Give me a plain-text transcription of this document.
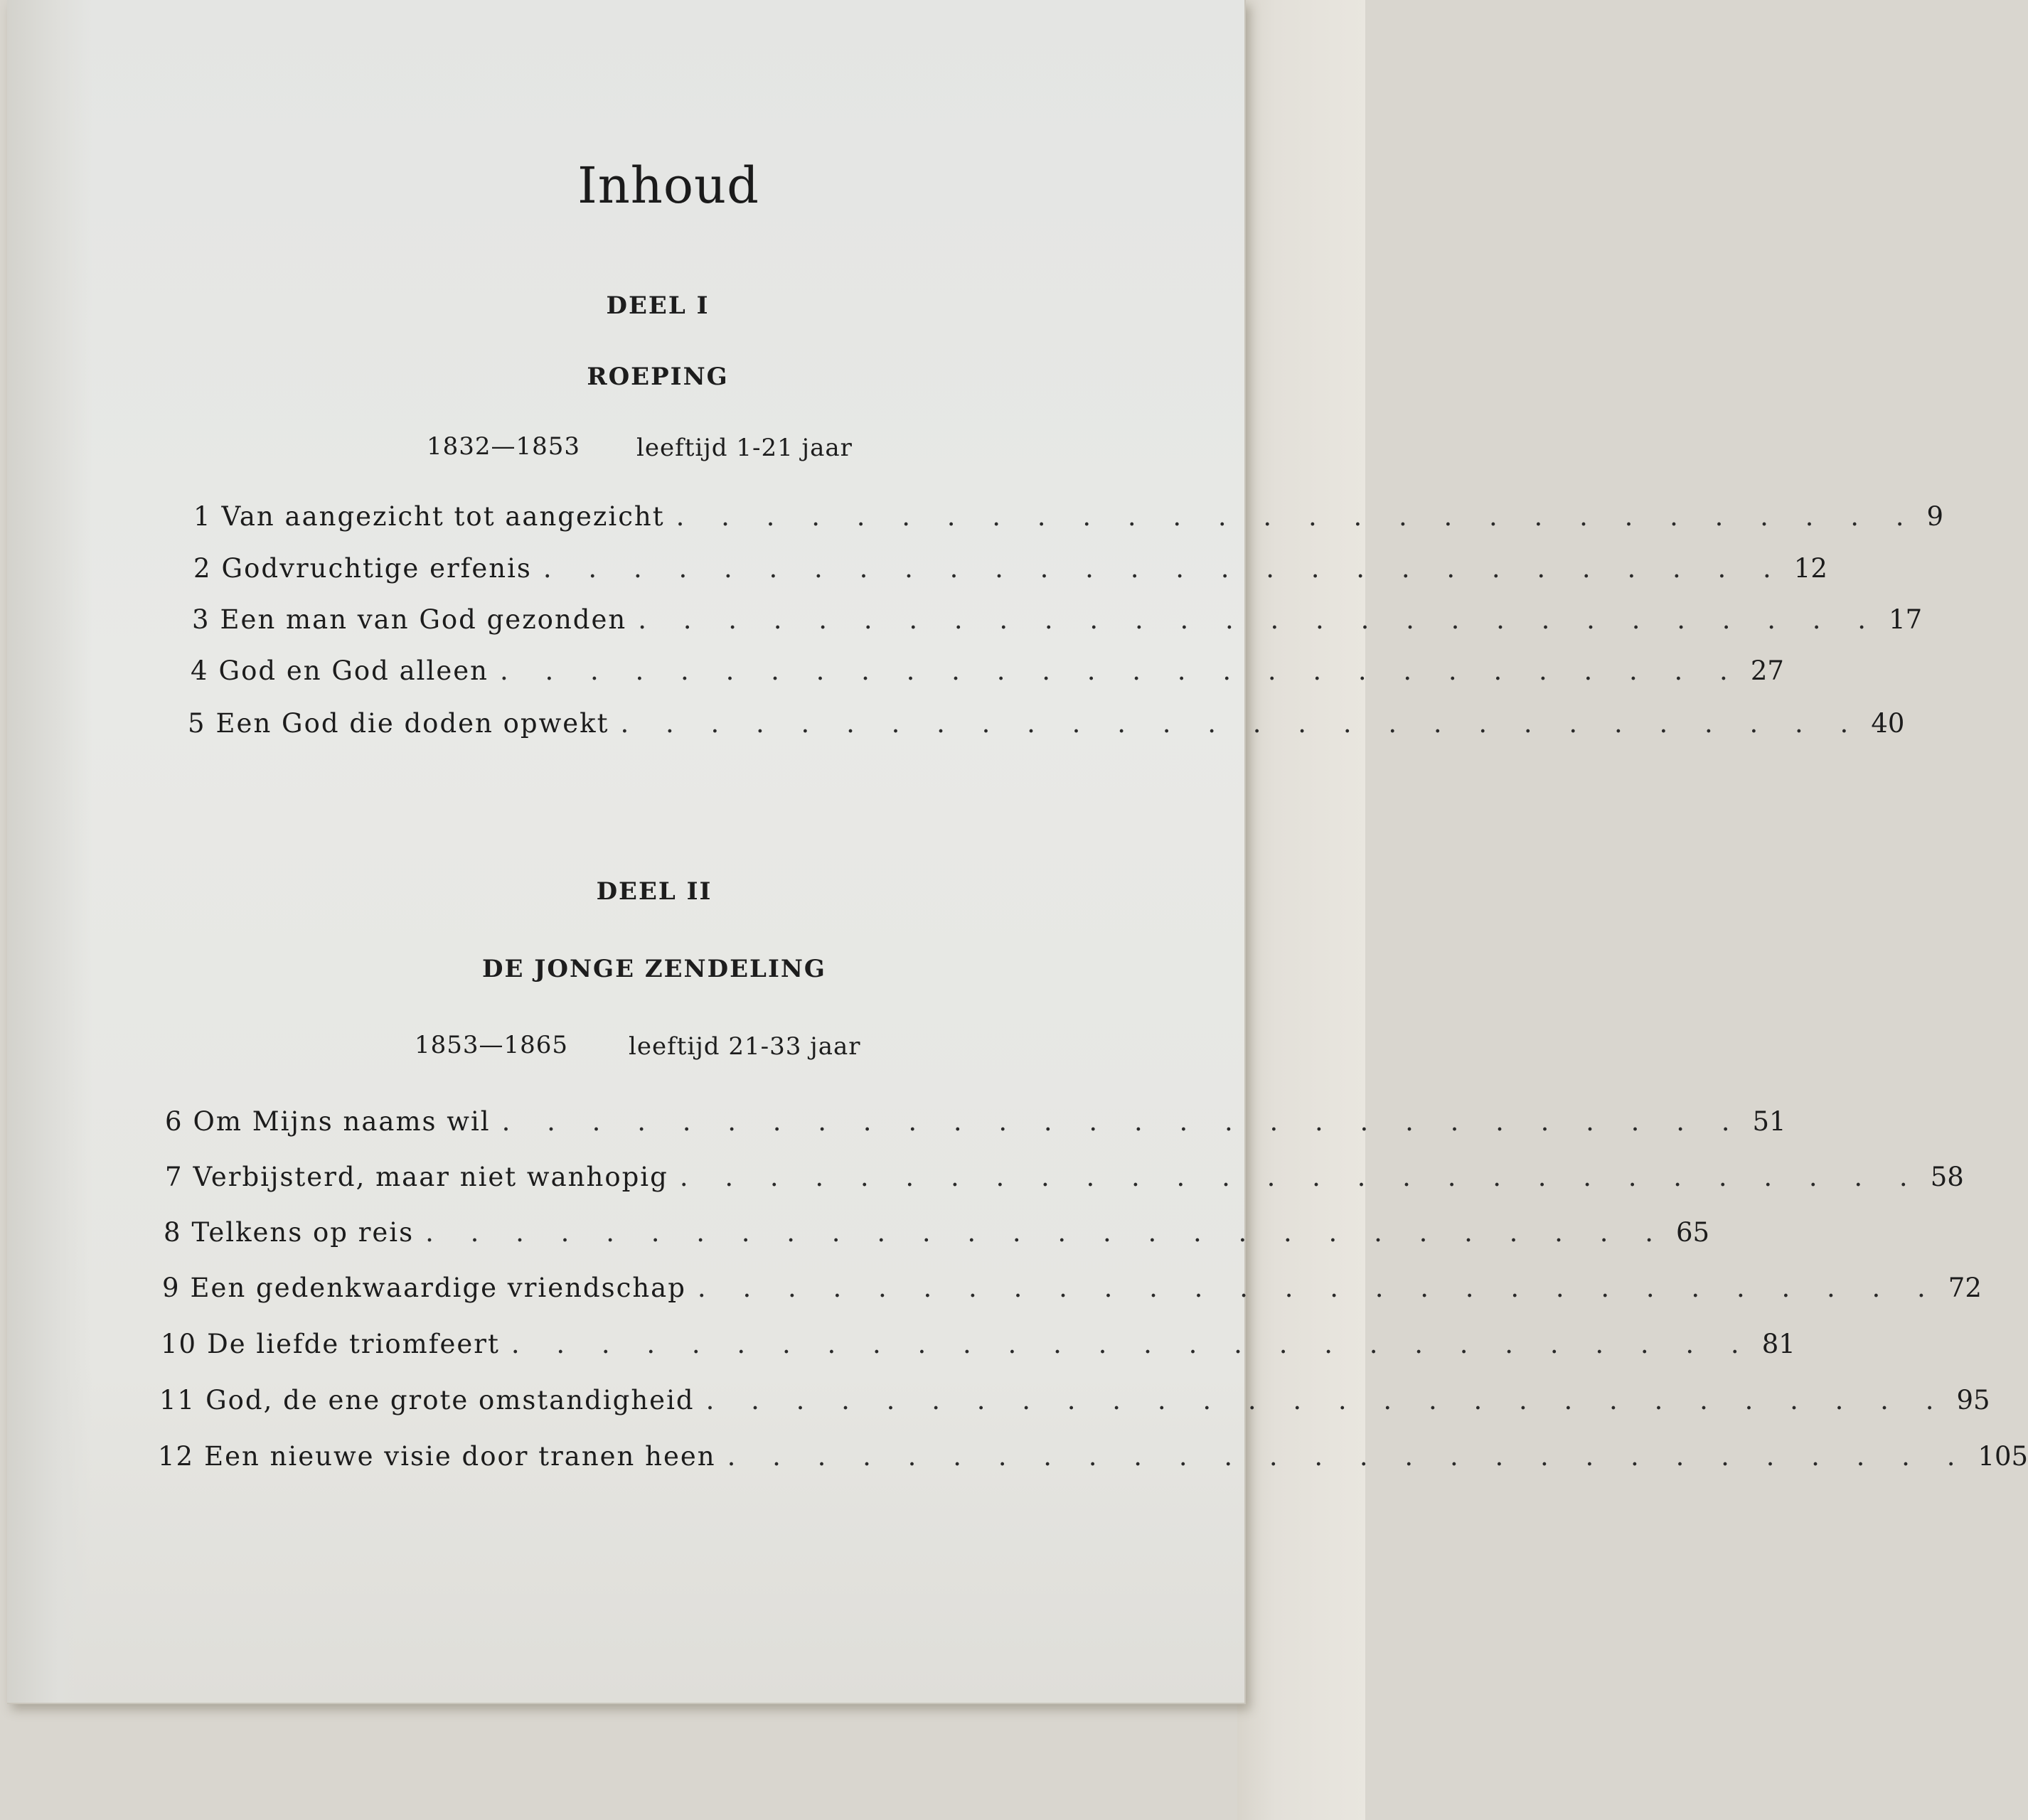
Inhoud
DEEL I
ROEPING
1832—1853 leeftijd 1-21 jaar
1 Van aangezicht tot aangezicht . . . . . . . . . . . . . . . . . . . . . . . . . . . . 9
2 Godvruchtige erfenis . . . . . . . . . . . . . . . . . . . . . . . . . . . . 12
3 Een man van God gezonden . . . . . . . . . . . . . . . . . . . . . . . . . . . . 17
4 God en God alleen . . . . . . . . . . . . . . . . . . . . . . . . . . . . 27
5 Een God die doden opwekt . . . . . . . . . . . . . . . . . . . . . . . . . . . . 40
DEEL II
DE JONGE ZENDELING
1853—1865 leeftijd 21-33 jaar
6 Om Mijns naams wil . . . . . . . . . . . . . . . . . . . . . . . . . . . . 51
7 Verbijsterd, maar niet wanhopig . . . . . . . . . . . . . . . . . . . . . . . . . . . . 58
8 Telkens op reis . . . . . . . . . . . . . . . . . . . . . . . . . . . . 65
9 Een gedenkwaardige vriendschap . . . . . . . . . . . . . . . . . . . . . . . . . . . . 72
10 De liefde triomfeert . . . . . . . . . . . . . . . . . . . . . . . . . . . . 81
11 God, de ene grote omstandigheid . . . . . . . . . . . . . . . . . . . . . . . . . . . . 95
12 Een nieuwe visie door tranen heen . . . . . . . . . . . . . . . . . . . . . . . . . . . . 105
